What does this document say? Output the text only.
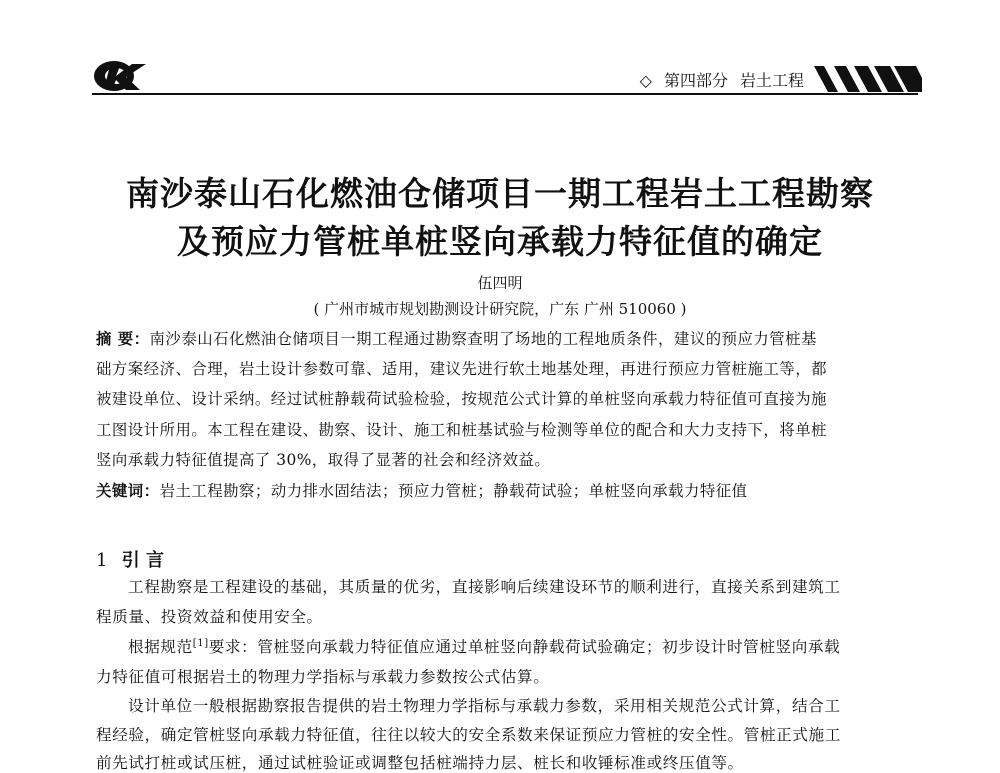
◇ 第四部分 岩土工程
南沙泰山石化燃油仓储项目一期工程岩土工程勘察
及预应力管桩单桩竖向承载力特征值的确定
伍四明
( 广州市城市规划勘测设计研究院，广东 广州 510060 )
摘 要：南沙泰山石化燃油仓储项目一期工程通过勘察查明了场地的工程地质条件，建议的预应力管桩基
础方案经济、合理，岩土设计参数可靠、适用，建议先进行软土地基处理，再进行预应力管桩施工等，都
被建设单位、设计采纳。经过试桩静载荷试验检验，按规范公式计算的单桩竖向承载力特征值可直接为施
工图设计所用。本工程在建设、勘察、设计、施工和桩基试验与检测等单位的配合和大力支持下，将单桩
竖向承载力特征值提高了 30%，取得了显著的社会和经济效益。
关键词：岩土工程勘察；动力排水固结法；预应力管桩；静载荷试验；单桩竖向承载力特征值
1 引 言
工程勘察是工程建设的基础，其质量的优劣，直接影响后续建设环节的顺利进行，直接关系到建筑工
程质量、投资效益和使用安全。
根据规范[1]要求：管桩竖向承载力特征值应通过单桩竖向静载荷试验确定；初步设计时管桩竖向承载
力特征值可根据岩土的物理力学指标与承载力参数按公式估算。
设计单位一般根据勘察报告提供的岩土物理力学指标与承载力参数，采用相关规范公式计算，结合工
程经验，确定管桩竖向承载力特征值，往往以较大的安全系数来保证预应力管桩的安全性。管桩正式施工
前先试打桩或试压桩，通过试桩验证或调整包括桩端持力层、桩长和收锤标准或终压值等。
